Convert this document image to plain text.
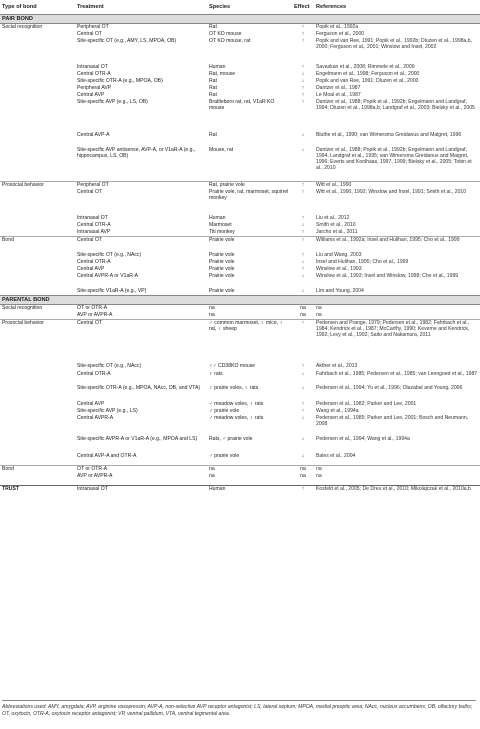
Type of bond	Treatment	Species	Effect	References
PAIR BOND				
Social recognition	Peripheral OT	Rat	↑	Popik et al., 1992a
	Central OT	OT KO mouse	↑	Ferguson et al., 2000
	Site-specific OT (e.g., AMY, LS, MPOA, OB)	OT KO mouse, rat	↑	Popik and van Ree, 1991; Popik et al., 1992b; Dluzen et al., 1998a,b, 2000; Ferguson et al., 2001; Winslow and Insel, 2002
	Intranasal OT	Human	↑	Savaskan et al., 2008; Rimmele et al., 2009
	Central OTR-A	Rat, mouse	↓	Engelmann et al., 1998; Ferguson et al., 2000
	Site-specific OTR-A (e.g., MPOA, OB)	Rat	↓	Popik and van Ree, 1991; Dluzen et al., 2000
	Peripheral AVP	Rat	↑	Dantzer et al., 1987
	Central AVP	Rat	↑	Le Moal et al., 1987
	Site-specific AVP (e.g., LS, OB)	Brattleboro rat, rat, V1aR KO mouse	↑	Dantzer et al., 1988; Popik et al., 1992b; Engelmann and Landgraf, 1994; Dluzen et al., 1998a,b; Landgraf et al., 2003; Bielsky et al., 2005
	Central AVP-A	Rat	↓	Bluthe et al., 1990; van Wimersma Greidanus and Maigret, 1996
	Site-specific AVP antisense, AVP-A, or V1aR-A (e.g., hippocampus, LS, OB)	Mouse, rat	↓	Dantzer et al., 1988; Popik et al., 1992b; Engelmann and Landgraf, 1994; Landgraf et al., 1995; van Wimersma Greidanus and Maigret, 1996; Everts and Koolhaas, 1997, 1999; Bielsky et al., 2005; Tobin et al., 2010
Prosocial behavior	Peripheral OT	Rat, prairie vole	↑	Witt et al., 1990
	Central OT	Prairie vole, rat, marmoset, squirrel monkey	↑	Witt et al., 1990, 1992; Winslow and Insel, 1991; Smith et al., 2010
	Intranasal OT	Human	↑	Liu et al., 2012
	Central OTR-A	Marmoset	↓	Smith et al., 2010
	Intranasal AVP	Titi monkey	↑	Jarcho et al., 2011
Bond	Central OT	Prairie vole	↑	Williams et al., 1992a; Insel and Hulihan, 1995; Cho et al., 1999
	Site-specific OT (e.g., NAcc)	Prairie vole	↑	Liu and Wang, 2003
	Central OTR-A	Prairie vole	↓	Insel and Hulihan, 1995; Cho et al., 1999
	Central AVP	Prairie vole	↑	Winslow et al., 1993
	Central AVPR-A or V1aR-A	Prairie vole	↓	Winslow et al., 1993; Insel and Winslow, 1998; Cho et al., 1999
	Site-specific V1aR-A (e.g., VP)	Prairie vole	↓	Lim and Young, 2004
PARENTAL BOND				
Social recognition	OT or OTR-A	na	na	na
	AVP or AVPR-A	na	na	na
Prosocial behavior	Central OT	♂ common marmoset, ♀ mice, ♀ rat, ♀ sheep	↑	Pedersen and Prange, 1979; Pedersen et al., 1982; Fahrbach et al., 1984; Kendrick et al., 1987; McCarthy, 1990; Keverne and Kendrick, 1992; Levy et al., 1992; Saito and Nakamura, 2011
	Site-specific OT (e.g., NAcc)	♀♂ CD38KO mouse	↑	Akther et al., 2013
	Central OTR-A	♀ rats	↓	Fahrbach et al., 1985; Pedersen et al., 1985; van Leengoed et al., 1987
	Site-specific OTR-A (e.g., MPOA, NAcc, OB, and VTA)	♀ prairie voles, ♀ rats	↓	Pedersen et al., 1994; Yu et al., 1996; Olazabal and Young, 2006
	Central AVP	♂ meadow voles, ♀ rats	↑	Pedersen et al., 1982; Parker and Lee, 2001
	Site-specific AVP (e.g., LS)	♂ prairie vole	↑	Wang et al., 1994a
	Central AVPR-A	♂ meadow voles, ♀ rats	↓	Pedersen et al., 1985; Parker and Lee, 2001; Bosch and Neumann, 2008
	Site-specific AVPR-A or V1aR-A (e.g., MPOA and LS)	Rats, ♂ prairie vole	↓	Pedersen et al., 1994; Wang et al., 1994a
	Central AVP-A and OTR-A	♂ prairie vole	↓	Bales et al., 2004
Bond	OT or OTR-A	na	na	na
	AVP or AVPR-A	na	na	na
TRUST	Intranasal OT	Human	↑	Kosfeld et al., 2005; De Dreu et al., 2010; Mikolajczak et al., 2010a,b
Abbreviations used: AMY, amygdala; AVP, arginine vasopressin; AVP-A, non-selective AVP receptor antagonist; LS, lateral septum; MPOA, medial preoptic area; NAcc, nucleus accumbens; OB, olfactory bulbs; OT, oxytocin, OTR-A, oxytocin receptor antagonist; VP, ventral pallidum, VTA, ventral tegmental area.
